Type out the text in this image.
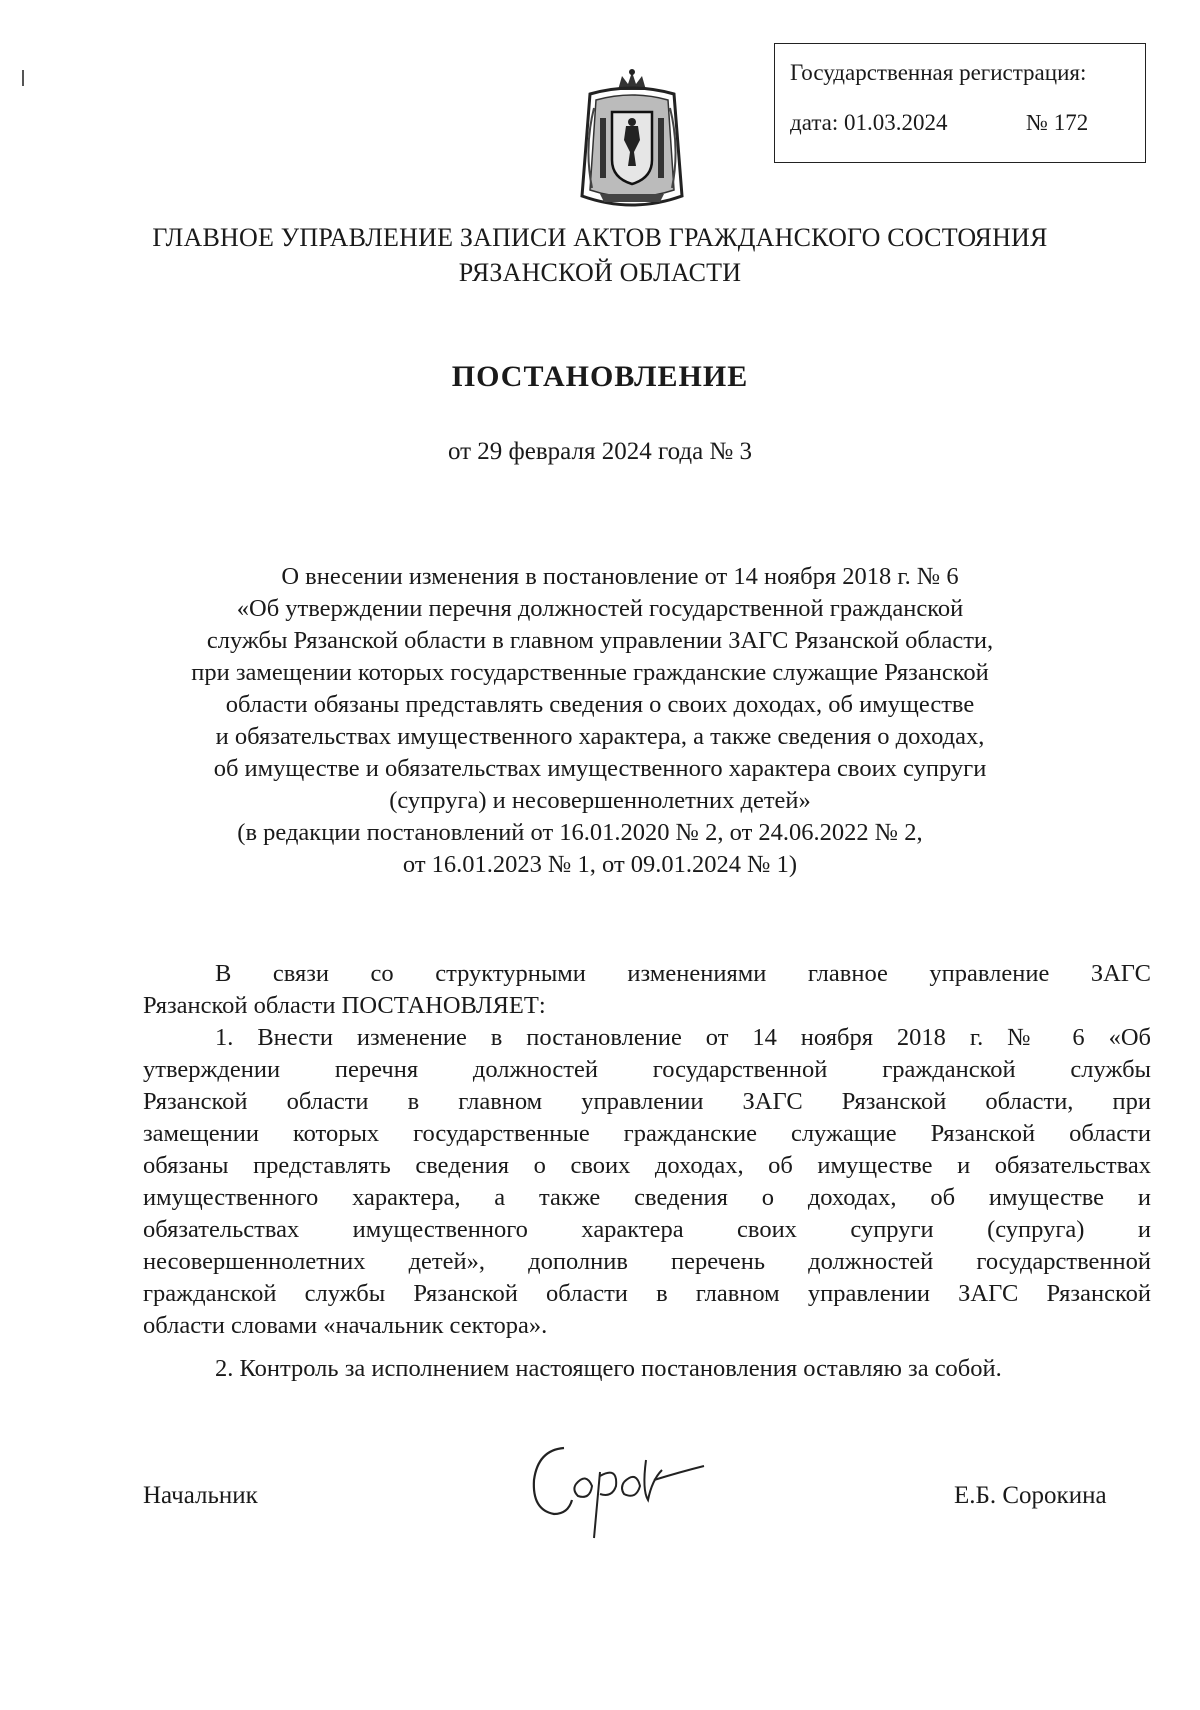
Государственная регистрация:
дата: 01.03.2024	№ 172
ГЛАВНОЕ УПРАВЛЕНИЕ ЗАПИСИ АКТОВ ГРАЖДАНСКОГО СОСТОЯНИЯ
РЯЗАНСКОЙ ОБЛАСТИ
ПОСТАНОВЛЕНИЕ
от 29 февраля 2024 года № 3
О внесении изменения в постановление от 14 ноября 2018 г. № 6
«Об утверждении перечня должностей государственной гражданской
службы Рязанской области в главном управлении ЗАГС Рязанской области,
при замещении которых государственные гражданские служащие Рязанской
области обязаны представлять сведения о своих доходах, об имуществе
и обязательствах имущественного характера, а также сведения о доходах,
об имуществе и обязательствах имущественного характера своих супруги
(супруга) и несовершеннолетних детей»
(в редакции постановлений от 16.01.2020 № 2, от 24.06.2022 № 2,
от 16.01.2023 № 1, от 09.01.2024 № 1)
В связи со структурными изменениями главное управление ЗАГС
Рязанской области ПОСТАНОВЛЯЕТ:
1. Внести изменение в постановление от 14 ноября 2018 г. № 6 «Об
утверждении перечня должностей государственной гражданской службы
Рязанской области в главном управлении ЗАГС Рязанской области, при
замещении которых государственные гражданские служащие Рязанской области
обязаны представлять сведения о своих доходах, об имуществе и обязательствах
имущественного характера, а также сведения о доходах, об имуществе и
обязательствах имущественного характера своих супруги (супруга) и
несовершеннолетних детей», дополнив перечень должностей государственной
гражданской службы Рязанской области в главном управлении ЗАГС Рязанской
области словами «начальник сектора».
2. Контроль за исполнением настоящего постановления оставляю за собой.
Начальник	Е.Б. Сорокина
